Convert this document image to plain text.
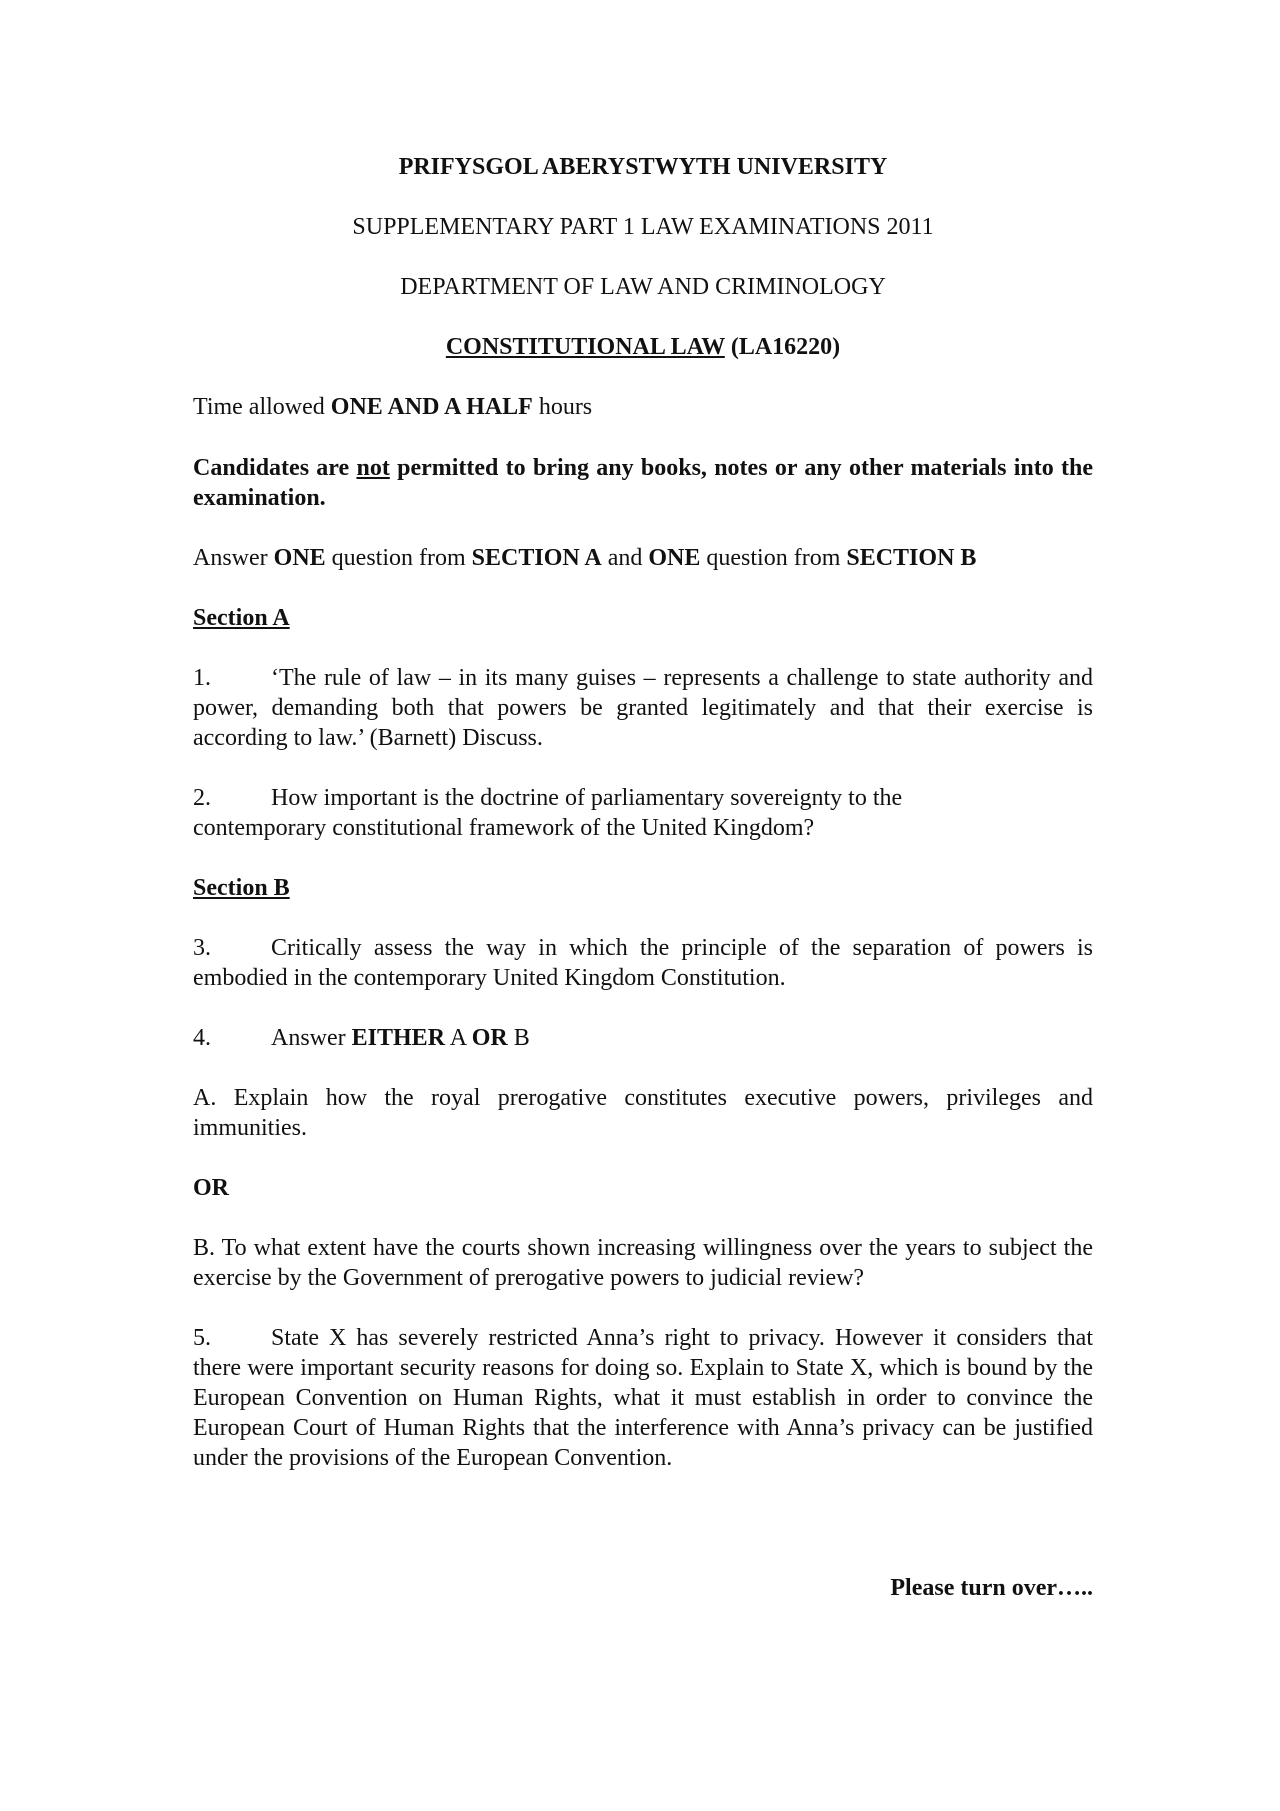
PRIFYSGOL ABERYSTWYTH UNIVERSITY

SUPPLEMENTARY PART 1 LAW EXAMINATIONS 2011

DEPARTMENT OF LAW AND CRIMINOLOGY

CONSTITUTIONAL LAW (LA16220)

Time allowed ONE AND A HALF hours

Candidates are not permitted to bring any books, notes or any other materials into the examination.

Answer ONE question from SECTION A and ONE question from SECTION B

Section A

1.	‘The rule of law – in its many guises – represents a challenge to state authority and power, demanding both that powers be granted legitimately and that their exercise is according to law.’ (Barnett) Discuss.

2.	How important is the doctrine of parliamentary sovereignty to the contemporary constitutional framework of the United Kingdom?

Section B

3.	Critically assess the way in which the principle of the separation of powers is embodied in the contemporary United Kingdom Constitution.

4.	Answer EITHER A OR B

A. Explain how the royal prerogative constitutes executive powers, privileges and immunities.

OR

B. To what extent have the courts shown increasing willingness over the years to subject the exercise by the Government of prerogative powers to judicial review?

5.	State X has severely restricted Anna’s right to privacy. However it considers that there were important security reasons for doing so. Explain to State X, which is bound by the European Convention on Human Rights, what it must establish in order to convince the European Court of Human Rights that the interference with Anna’s privacy can be justified under the provisions of the European Convention.

Please turn over…..
